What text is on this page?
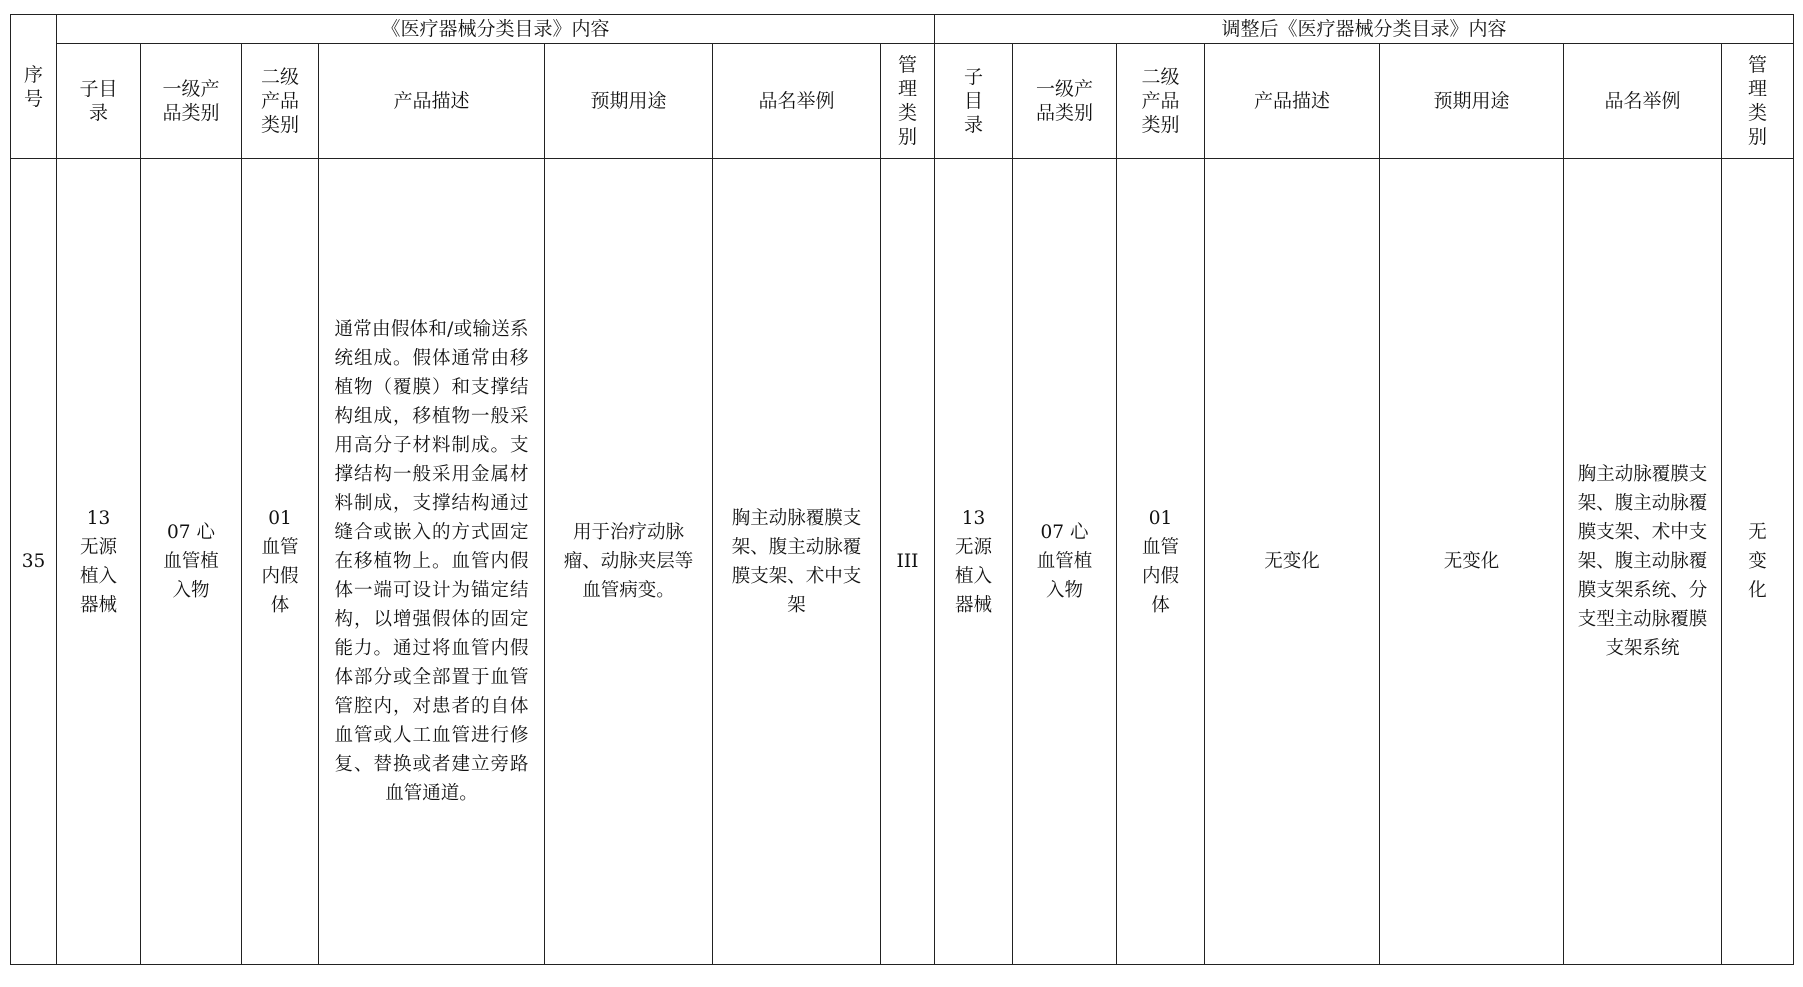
序号	《医疗器械分类目录》内容							调整后《医疗器械分类目录》内容						
	子目录	一级产品类别	二级产品类别	产品描述	预期用途	品名举例	管理类别	子目录	一级产品类别	二级产品类别	产品描述	预期用途	品名举例	管理类别
35	13 无源植入器械	07 心血管植入物	01 血管内假体	通常由假体和/或输送系统组成。假体通常由移植物（覆膜）和支撑结构组成，移植物一般采用高分子材料制成。支撑结构一般采用金属材料制成，支撑结构通过缝合或嵌入的方式固定在移植物上。血管内假体一端可设计为锚定结构，以增强假体的固定能力。通过将血管内假体部分或全部置于血管管腔内，对患者的自体血管或人工血管进行修复、替换或者建立旁路血管通道。	用于治疗动脉瘤、动脉夹层等血管病变。	胸主动脉覆膜支架、腹主动脉覆膜支架、术中支架	III	13 无源植入器械	07 心血管植入物	01 血管内假体	无变化	无变化	胸主动脉覆膜支架、腹主动脉覆膜支架、术中支架、腹主动脉覆膜支架系统、分支型主动脉覆膜支架系统	无变化
